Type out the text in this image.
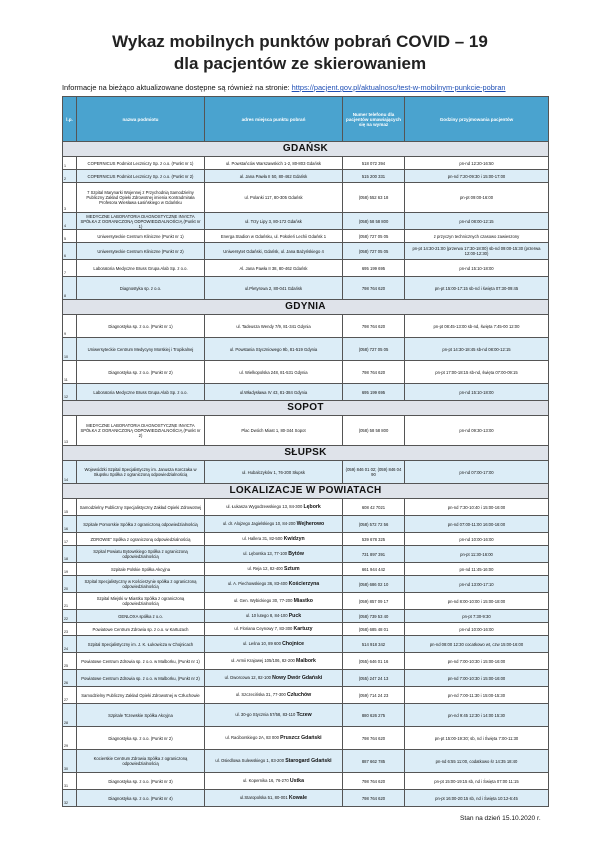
Wykaz mobilnych punktów pobrań COVID – 19
dla pacjentów ze skierowaniem
Informacje na bieżąco aktualizowane dostępne są również na stronie: https://pacjent.gov.pl/aktualnosc/test-w-mobilnym-punkcie-pobran
l.p.	nazwa podmiotu	adres miejsca punktu pobrań	Numer telefonu dla pacjentów umawiających się na wymaz	Godziny przyjmowania pacjentów
GDAŃSK				
1	COPERNICUS Podmiot Leczniczy Sp. z o.o. (Punkt nr 1)	ul. Powstańców Warszawskich 1-2, 80-803 Gdańsk	518 072 394	pn-nd 12:20-16:50
2	COPERNICUS Podmiot Leczniczy Sp. z o.o. (Punkt nr 2)	al. Jana Pawła II 50, 80-462 Gdańsk	515 200 331	pn-nd 7:20-09:30 i 15:00-17:00
3	7 Szpital Marynarki Wojennej z Przychodnią Samodzielny Publiczny Zakład Opieki Zdrowotnej imienia Kontradmirała Profesora Wiesława Łasińskiego w Gdańsku	ul. Polanki 117, 80-305 Gdańsk	(058) 552 63 18	pn-pt 09:00-16:00
4	MEDYCZNE LABORATORIA DIAGNOSTYCZNE INVICTA SPÓŁKA Z OGRANICZONĄ ODPOWIEDZIALNOŚCIĄ (Punkt nr 1)	ul. Trzy Lipy 3, 80-172 Gdańsk	(058) 58 58 800	pn-nd 08:00-12:15
5	Uniwersyteckie Centrum Kliniczne (Punkt nr 1)	Energa Stadion w Gdańsku, ul. Pokoleń Lechii Gdańsk 1	(058) 727 05 05	z przyczyn technicznych czasowo zawieszony
6	Uniwersyteckie Centrum Kliniczne (Punkt nr 2)	Uniwersytet Gdański, Gdańsk, ul. Jana Bażyńskiego 4	(058) 727 05 05	pn-pt 14:30-21:00 (przerwa 17:30-18:00) sb-nd 09:00-15:30 (przerwa 12:00-12:30)
7	Laboratoria Medyczne Bruss Grupa Alab Sp. z o.o.	Al. Jana Pawła II 38, 80-462 Gdańsk	695 199 695	pn-nd 15:10-18:00
8	Diagnostyka sp. z o.o.	ul.Pletyrowa 2, 80-041 Gdańsk	798 764 620	pn-pt 15:00-17:15 sb-nd i święta 07:30-09:45
GDYNIA				
9	Diagnostyka sp. z o.o. (Punkt nr 1)	ul. Tadeusza Wendy 7/9, 81-341 Gdynia	798 764 620	pn-pt 08:45-13:00 sb-nd, święta 7:45-00 12:00
10	Uniwersyteckie Centrum Medycyny Morskiej i Tropikalnej	ul. Powstania Styczniowego 9b, 81-519 Gdynia	(058) 727 05 05	pn-pt 14:30-18:45 sb-nd 08:00-12:15
11	Diagnostyka sp. z o.o. (Punkt nr 2)	ul. Wielkopolska 248, 81-531 Gdynia	798 764 620	pn-pt 17:00-18:15 sb-nd, święta 07:00-09:15
12	Laboratoria Medyczne Bruss Grupa Alab Sp. z o.o.	ul.Władysława IV 43, 81-384 Gdynia	695 199 695	pn-nd 15:10-18:00
SOPOT				
13	MEDYCZNE LABORATORIA DIAGNOSTYCZNE INVICTA SPÓŁKA Z OGRANICZONĄ ODPOWIEDZIALNOŚCIĄ (Punkt nr 2)	Plac Dwóch Miast 1, 80-344 Sopot	(058) 58 58 800	pn-nd 09:30-13:00
SŁUPSK				
14	Wojewódzki Szpital Specjalistyczny im. Janusza Korczaka w Słupsku Spółka z ograniczoną odpowiedzialnością	ul. Hubalczyków 1, 76-200 Słupsk	(059) 846 01 02; (059) 846 04 90	pn-nd 07:00-17:00
LOKALIZACJE W POWIATACH				
15	Samodzielny Publiczny Specjalistyczny Zakład Opieki Zdrowotnej	ul. Łukasza Wygodzewskiego 13, 84-300 Lębork	608 42 7021	pn-nd 7:30-10:40 i 15:00-16:00
16	Szpitale Pomorskie Spółka z ograniczoną odpowiedzialnością	ul. dr. Alojzego Jagielskiego 10, 84-200 Wejherowo	(058) 572 72 56	pn-nd 07:00-11:00 16:00-16:00
17	ZDROWIE" Spółka z ograniczoną odpowiedzialnością	ul. Hallera 31, 82-500 Kwidzyn	539 678 325	pn-nd 10:00-16:00
18	Szpital Powiatu Bytowskiego Spółka z ograniczoną odpowiedzialnością	ul. Lęborska 13, 77-100 Bytów	731 897 391	pn-pt 11:30-16:00
19	Szpitale Polskie Spółka Akcyjna	ul. Reja 12, 82-400 Sztum	661 944 442	pn-nd 11:45-16:00
20	Szpital Specjalistyczny w Kościerzynie spółka z ograniczoną odpowiedzialnością	ul. A. Piechowskiego 36, 83-400 Kościerzyna	(058) 686 02 10	pn-nd 13:00-17:10
21	Szpital Miejski w Miastku Spółka z ograniczoną odpowiedzialnością	ul. Gen. Wybickiego 30, 77-200 Miastko	(059) 857 09 17	pn-nd 8:00-10:00 i 15:00-18:00
22	GENLOXA spółka z o.o.	ul. 10 lutego 8, 84-100 Puck	(058) 739 53 40	pn-pt 7:30-9:30
23	Powiatowe Centrum Zdrowia sp. z o.o. w Kartuzach	ul. Floriana Ceynowy 7, 83-300 Kartuzy	(058) 685 48 01	pn-nd 10:00-16:00
24	Szpital Specjalistyczny im. J. K. Łukowicza w Chojnicach	ul. Leśna 10, 89 600 Chojnice	514 918 342	pn-nd 08:00 12:30 cocatkowo wt, czw 15:00-16:00
25	Powiatowe Centrum Zdrowia sp. z o.o. w Malborku, (Punkt nr 1)	ul. Armii Krajowej 105/106, 82-200 Malbork	(055) 646 01 16	pn-nd 7:00-10:30 i 15:00-16:00
26	Powiatowe Centrum Zdrowia sp. z o.o. w Malborku, (Punkt nr 2)	ul. Dworcowa 12, 82-100 Nowy Dwór Gdański	(055) 247 24 13	pn-nd 7:00-10:30 i 15:00-16:00
27	Samodzielny Publiczny Zakład Opieki Zdrowotnej w Człuchowie	ul. Szczecińska 31, 77-300 Człuchów	(059) 714 24 23	pn-nd 7:00-11:30 i 15:00-15:30
28	Szpitale Tczewskie Spółka Akcyjna	ul. 30-go Stycznia 57/58, 83-110 Tczew	880 626 275	pn-nd 9:45 12:30 i 14:00 15:30
29	Diagnostyka sp. z o.o. (Punkt nr 2)	ul. Raciborskiego 2A, 83 000 Pruszcz Gdański	798 764 620	pn-pt 15:00-19:30; sb, nd i Święta 7:00-11:30
30	Kocierskie Centrum Zdrowia Spółka z ograniczoną odpowiedzialnością	ul. Osiedlowa Sulewskiego 1, 83-200 Starogard Gdański	887 662 785	pn-nd 6:55 11:00, codatkowo śr 14:35 18:40
31	Diagnostyka sp. z o.o. (Punkt nr 3)	ul. Kopernika 16, 76-270 Ustka	798 764 620	pn-pt 15:00-19:15 sb, nd i Święta 07:00 11:15
32	Diagnostyka sp. z o.o. (Punkt nr 4)	ul.Staropolska 51, 80-001 Kowale	798 764 620	pn-pt 16:00-20:15 sb, nd i Święta 10:12-6:45
Stan na dzień 15.10.2020 r.
